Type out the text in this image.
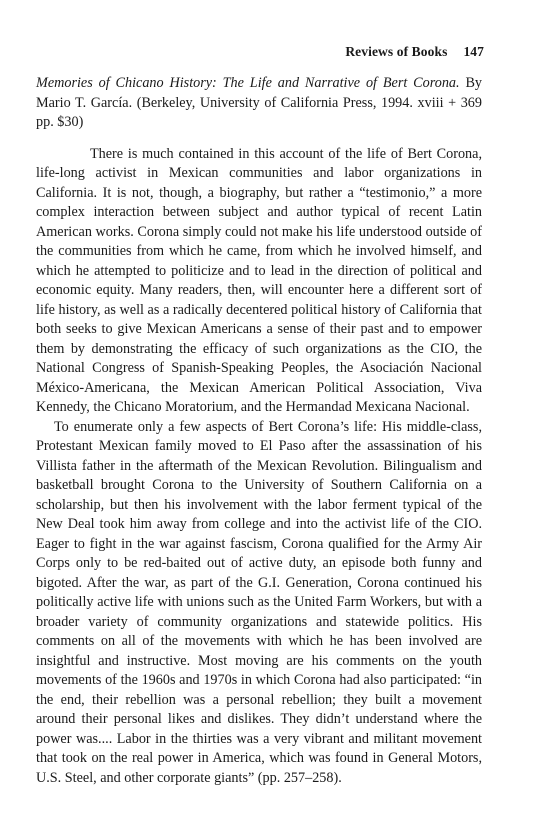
Reviews of Books 147

Memories of Chicano History: The Life and Narrative of Bert Corona. By Mario T. García. (Berkeley, University of California Press, 1994. xviii + 369 pp. $30)

There is much contained in this account of the life of Bert Corona, life-long activist in Mexican communities and labor organizations in California. It is not, though, a biography, but rather a “testimonio,” a more complex interaction between subject and author typical of recent Latin American works. Corona simply could not make his life understood outside of the communities from which he came, from which he involved himself, and which he attempted to politicize and to lead in the direction of political and economic equity. Many readers, then, will encounter here a different sort of life history, as well as a radically decentered political history of California that both seeks to give Mexican Americans a sense of their past and to empower them by demonstrating the efficacy of such organizations as the CIO, the National Congress of Spanish-Speaking Peoples, the Asociación Nacional México-Americana, the Mexican American Political Association, Viva Kennedy, the Chicano Moratorium, and the Hermandad Mexicana Nacional.

To enumerate only a few aspects of Bert Corona’s life: His middle-class, Protestant Mexican family moved to El Paso after the assassination of his Villista father in the aftermath of the Mexican Revolution. Bilingualism and basketball brought Corona to the University of Southern California on a scholarship, but then his involvement with the labor ferment typical of the New Deal took him away from college and into the activist life of the CIO. Eager to fight in the war against fascism, Corona qualified for the Army Air Corps only to be red-baited out of active duty, an episode both funny and bigoted. After the war, as part of the G.I. Generation, Corona continued his politically active life with unions such as the United Farm Workers, but with a broader variety of community organizations and statewide politics. His comments on all of the movements with which he has been involved are insightful and instructive. Most moving are his comments on the youth movements of the 1960s and 1970s in which Corona had also participated: “in the end, their rebellion was a personal rebellion; they built a movement around their personal likes and dislikes. They didn’t understand where the power was.... Labor in the thirties was a very vibrant and militant movement that took on the real power in America, which was found in General Motors, U.S. Steel, and other corporate giants” (pp. 257–258).
